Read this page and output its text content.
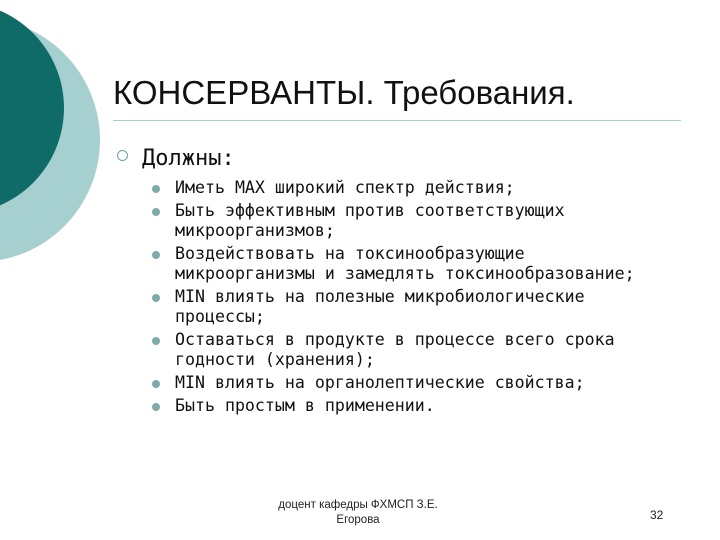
КОНСЕРВАНТЫ. Требования.
Должны:
Иметь MAX широкий спектр действия;
Быть эффективным против соответствующих микроорганизмов;
Воздействовать на токсинообразующие микроорганизмы и замедлять токсинообразование;
MIN влиять на полезные микробиологические процессы;
Оставаться в продукте в процессе всего срока годности (хранения);
MIN влиять на органолептические свойства;
Быть простым в применении.
доцент кафедры ФХМСП З.Е.
Егорова	32
